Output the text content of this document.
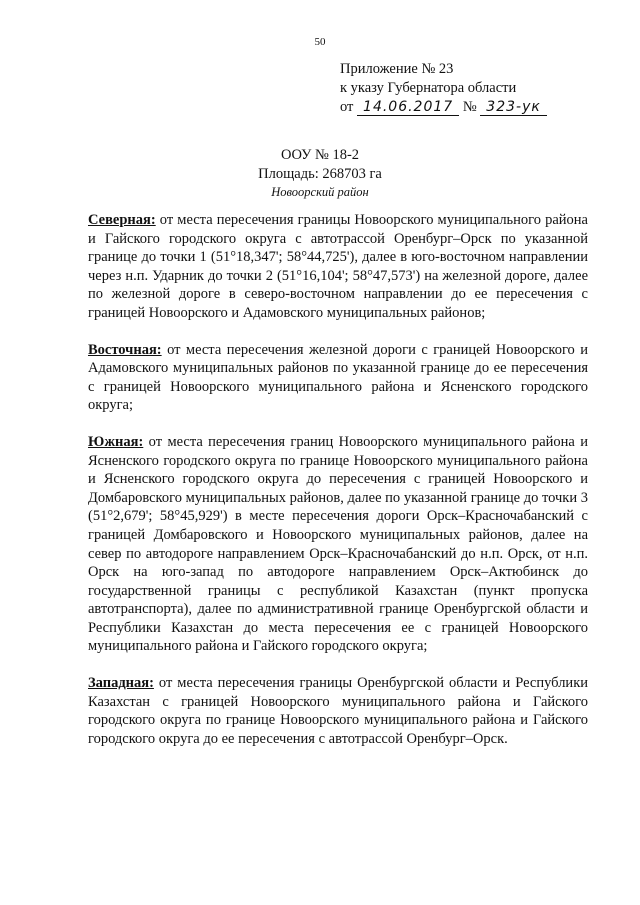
50
Приложение № 23
к указу Губернатора области
от 14.06.2017 № 323-ук
ООУ № 18-2
Площадь: 268703 га
Новоорский район

Северная: от места пересечения границы Новоорского муниципального района и Гайского городского округа с автотрассой Оренбург–Орск по указанной границе до точки 1 (51°18,347'; 58°44,725'), далее в юго-восточном направлении через н.п. Ударник до точки 2 (51°16,104'; 58°47,573') на железной дороге, далее по железной дороге в северо-восточном направлении до ее пересечения с границей Новоорского и Адамовского муниципальных районов;

Восточная: от места пересечения железной дороги с границей Новоорского и Адамовского муниципальных районов по указанной границе до ее пересечения с границей Новоорского муниципального района и Ясненского городского округа;

Южная: от места пересечения границ Новоорского муниципального района и Ясненского городского округа по границе Новоорского муниципального района и Ясненского городского округа до пересечения с границей Новоорского и Домбаровского муниципальных районов, далее по указанной границе до точки 3 (51°2,679'; 58°45,929') в месте пересечения дороги Орск–Красночабанский с границей Домбаровского и Новоорского муниципальных районов, далее на север по автодороге направлением Орск–Красночабанский до н.п. Орск, от н.п. Орск на юго-запад по автодороге направлением Орск–Актюбинск до государственной границы с республикой Казахстан (пункт пропуска автотранспорта), далее по административной границе Оренбургской области и Республики Казахстан до места пересечения ее с границей Новоорского муниципального района и Гайского городского округа;

Западная: от места пересечения границы Оренбургской области и Республики Казахстан с границей Новоорского муниципального района и Гайского городского округа по границе Новоорского муниципального района и Гайского городского округа до ее пересечения с автотрассой Оренбург–Орск.
